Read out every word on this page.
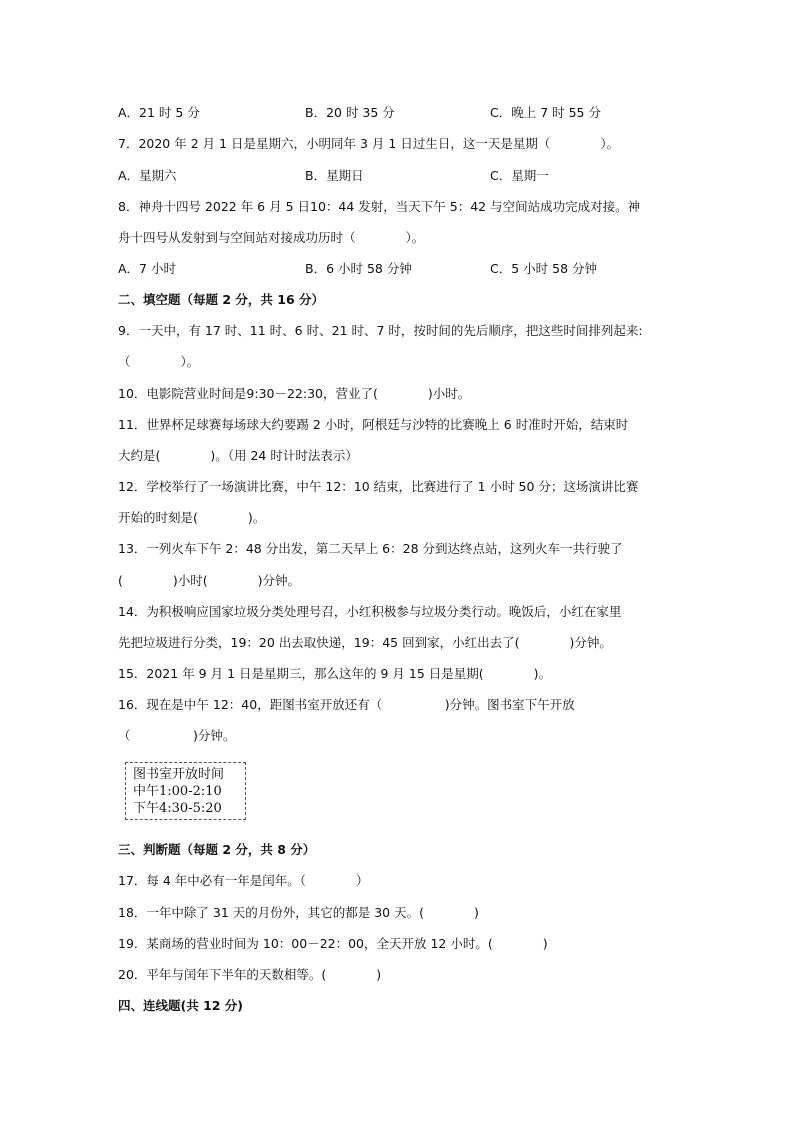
A．21 时 5 分	B．20 时 35 分	C．晚上 7 时 55 分
7．2020 年 2 月 1 日是星期六，小明同年 3 月 1 日过生日，这一天是星期（　　　　）。
A．星期六	B．星期日	C．星期一
8．神舟十四号 2022 年 6 月 5 日10：44 发射，当天下午 5：42 与空间站成功完成对接。神
舟十四号从发射到与空间站对接成功历时（　　　　）。
A．7 小时	B．6 小时 58 分钟	C．5 小时 58 分钟
二、填空题（每题 2 分，共 16 分）
9．一天中，有 17 时、11 时、6 时、21 时、7 时，按时间的先后顺序，把这些时间排列起来:
（　　　　）。
10．电影院营业时间是9:30－22:30，营业了(　　　　)小时。
11．世界杯足球赛每场球大约要踢 2 小时，阿根廷与沙特的比赛晚上 6 时准时开始，结束时
大约是(　　　　)。（用 24 时计时法表示）
12．学校举行了一场演讲比赛，中午 12：10 结束，比赛进行了 1 小时 50 分；这场演讲比赛
开始的时刻是(　　　　)。
13．一列火车下午 2：48 分出发，第二天早上 6：28 分到达终点站，这列火车一共行驶了
(　　　　)小时(　　　　)分钟。
14．为积极响应国家垃圾分类处理号召，小红积极参与垃圾分类行动。晚饭后，小红在家里
先把垃圾进行分类，19：20 出去取快递，19：45 回到家，小红出去了(　　　　)分钟。
15．2021 年 9 月 1 日是星期三，那么这年的 9 月 15 日是星期(　　　　)。
16．现在是中午 12：40，距图书室开放还有（　　　　　)分钟。图书室下午开放
（　　　　　)分钟。
图书室开放时间
中午1:00-2:10
下午4:30-5:20
三、判断题（每题 2 分，共 8 分）
17．每 4 年中必有一年是闰年。（　　　　）
18．一年中除了 31 天的月份外，其它的都是 30 天。(　　　　)
19．某商场的营业时间为 10：00－22：00，全天开放 12 小时。(　　　　)
20．平年与闰年下半年的天数相等。(　　　　)
四、连线题(共 12 分)
